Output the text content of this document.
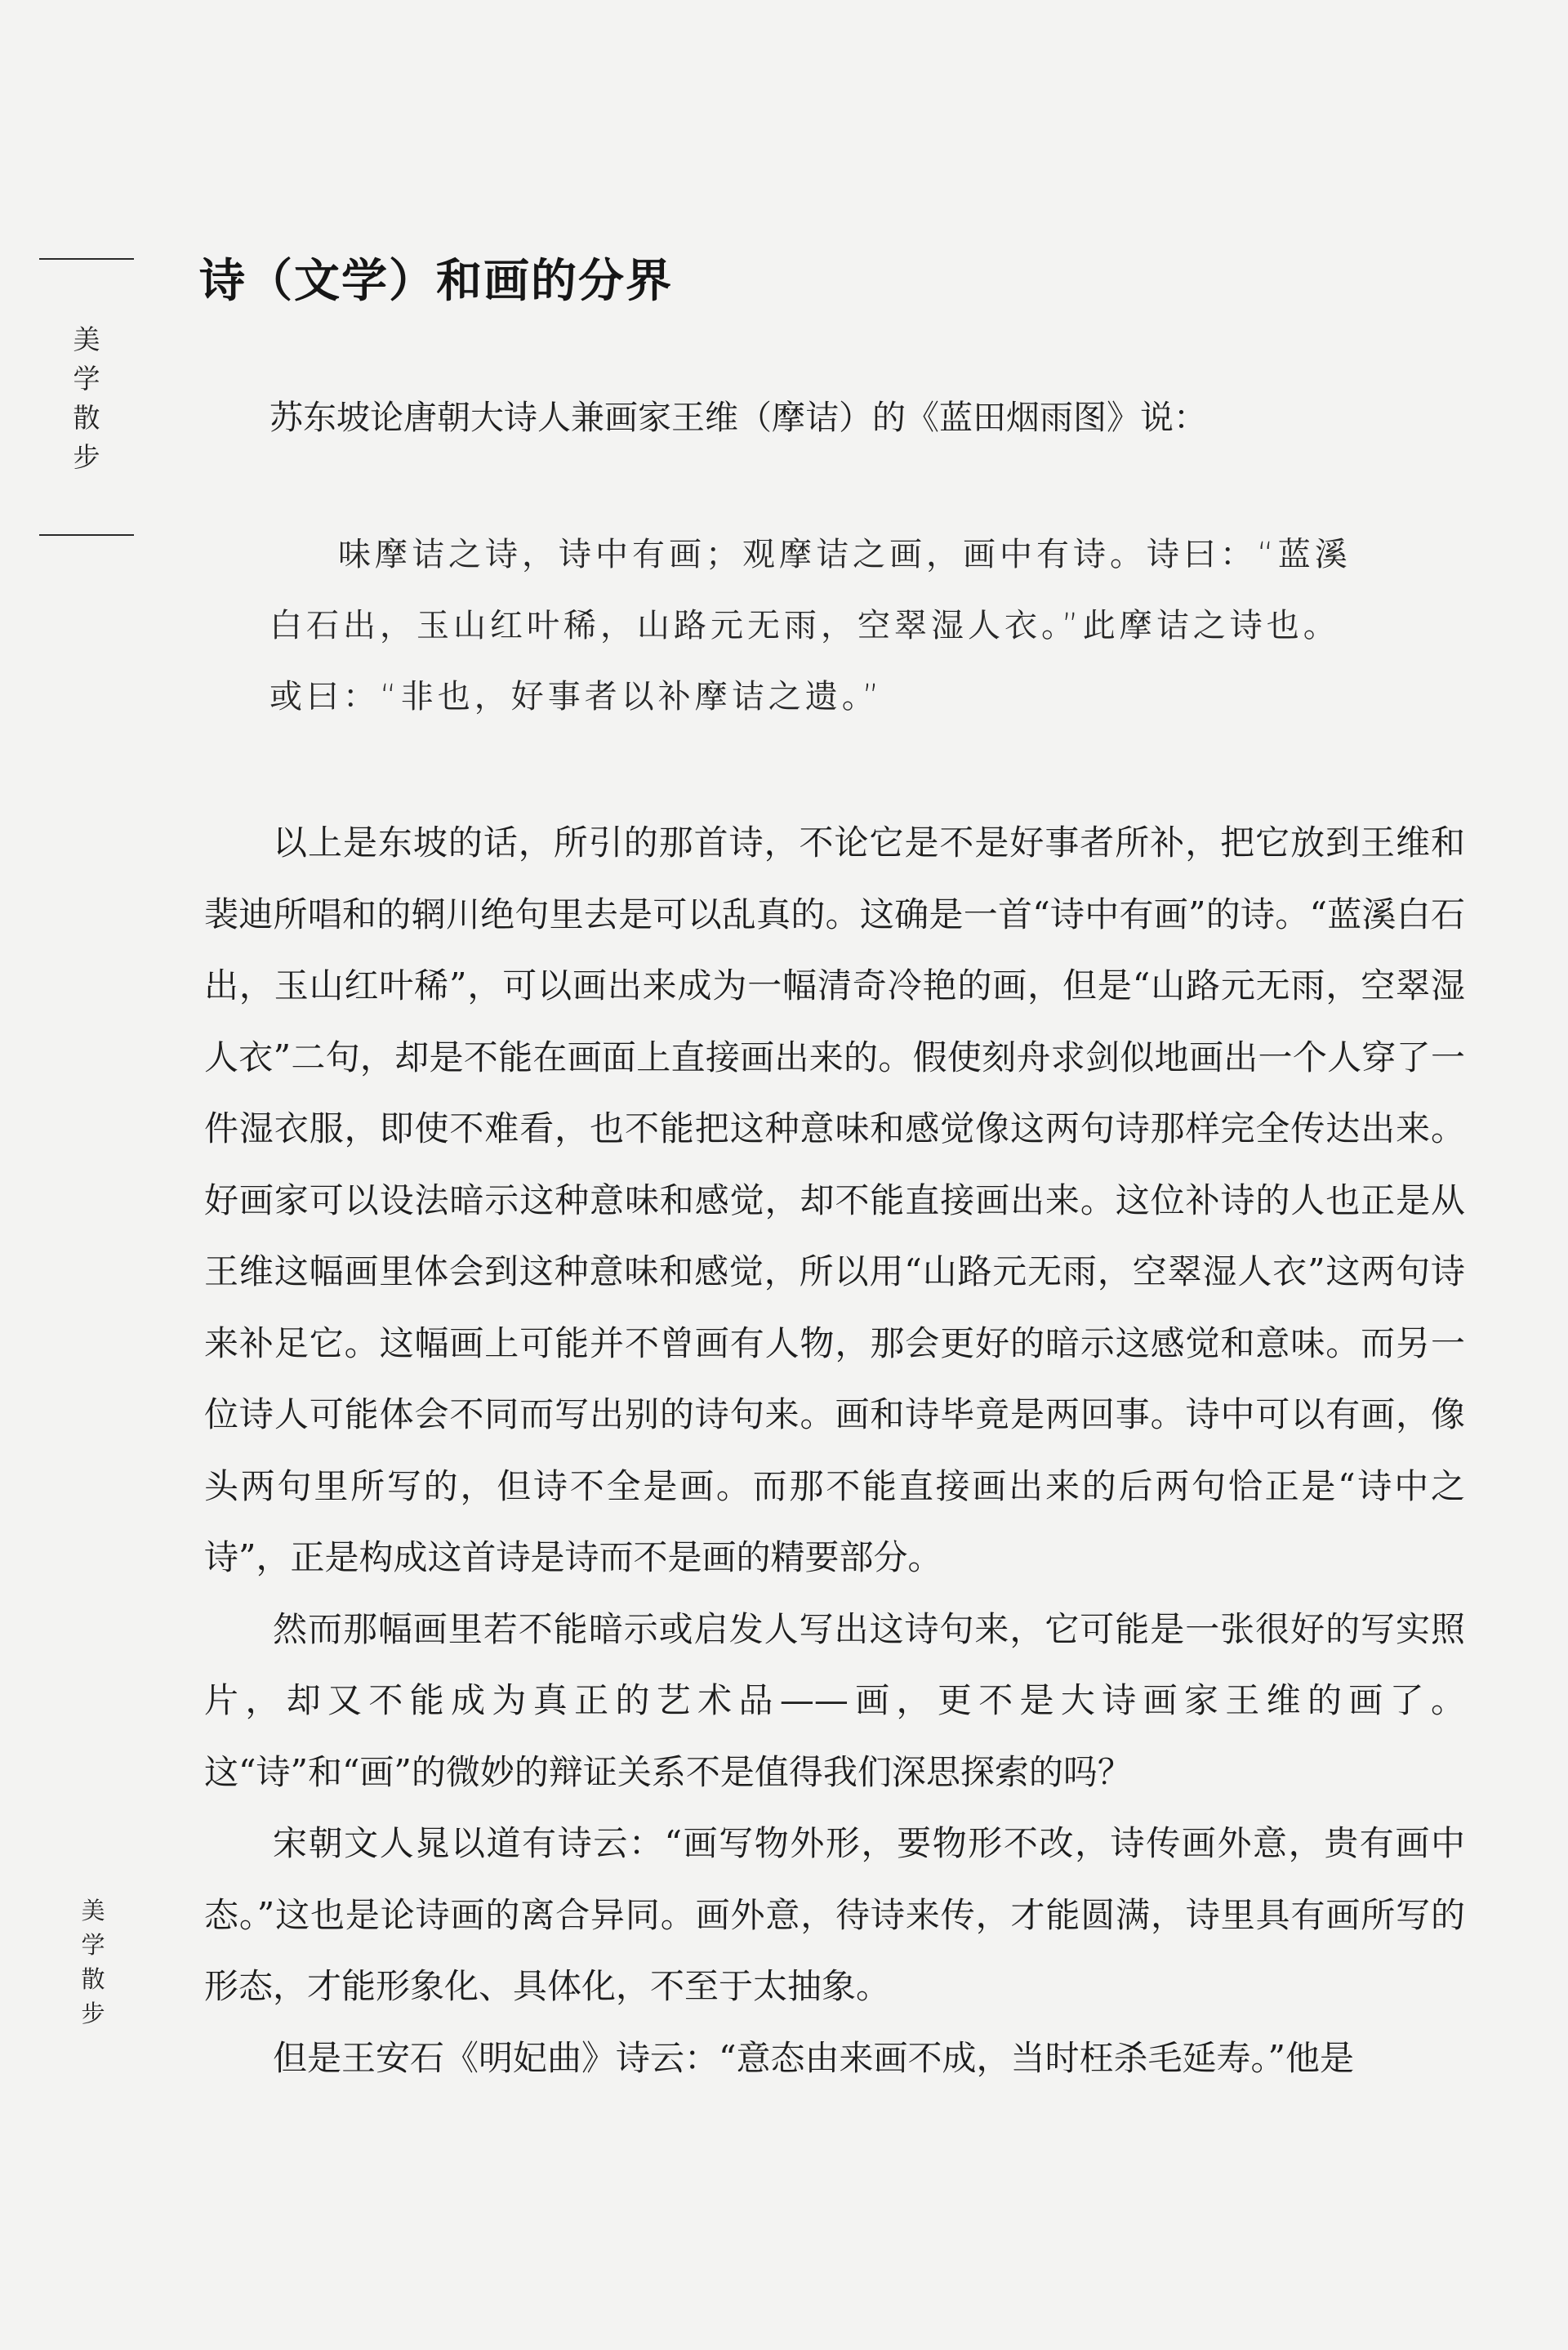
美
学
散
步
美
学
散
步
诗（文学）和画的分界
苏东坡论唐朝大诗人兼画家王维（摩诘）的《蓝田烟雨图》说：

味摩诘之诗，诗中有画；观摩诘之画，画中有诗。诗曰：“蓝溪

白石出，玉山红叶稀，山路元无雨，空翠湿人衣。”此摩诘之诗也。

或曰：“非也，好事者以补摩诘之遗。”

以上是东坡的话，所引的那首诗，不论它是不是好事者所补，把它放到王维和裴迪所唱和的辋川绝句里去是可以乱真的。这确是一首“诗中有画”的诗。“蓝溪白石出，玉山红叶稀”，可以画出来成为一幅清奇冷艳的画，但是“山路元无雨，空翠湿人衣”二句，却是不能在画面上直接画出来的。假使刻舟求剑似地画出一个人穿了一件湿衣服，即使不难看，也不能把这种意味和感觉像这两句诗那样完全传达出来。好画家可以设法暗示这种意味和感觉，却不能直接画出来。这位补诗的人也正是从王维这幅画里体会到这种意味和感觉，所以用“山路元无雨，空翠湿人衣”这两句诗来补足它。这幅画上可能并不曾画有人物，那会更好的暗示这感觉和意味。而另一位诗人可能体会不同而写出别的诗句来。画和诗毕竟是两回事。诗中可以有画，像头两句里所写的，但诗不全是画。而那不能直接画出来的后两句恰正是“诗中之诗”，正是构成这首诗是诗而不是画的精要部分。

然而那幅画里若不能暗示或启发人写出这诗句来，它可能是一张很好的写实照片，却又不能成为真正的艺术品——画，更不是大诗画家王维的画了。这“诗”和“画”的微妙的辩证关系不是值得我们深思探索的吗？

宋朝文人晁以道有诗云：“画写物外形，要物形不改，诗传画外意，贵有画中态。”这也是论诗画的离合异同。画外意，待诗来传，才能圆满，诗里具有画所写的形态，才能形象化、具体化，不至于太抽象。

但是王安石《明妃曲》诗云：“意态由来画不成，当时枉杀毛延寿。”他是
